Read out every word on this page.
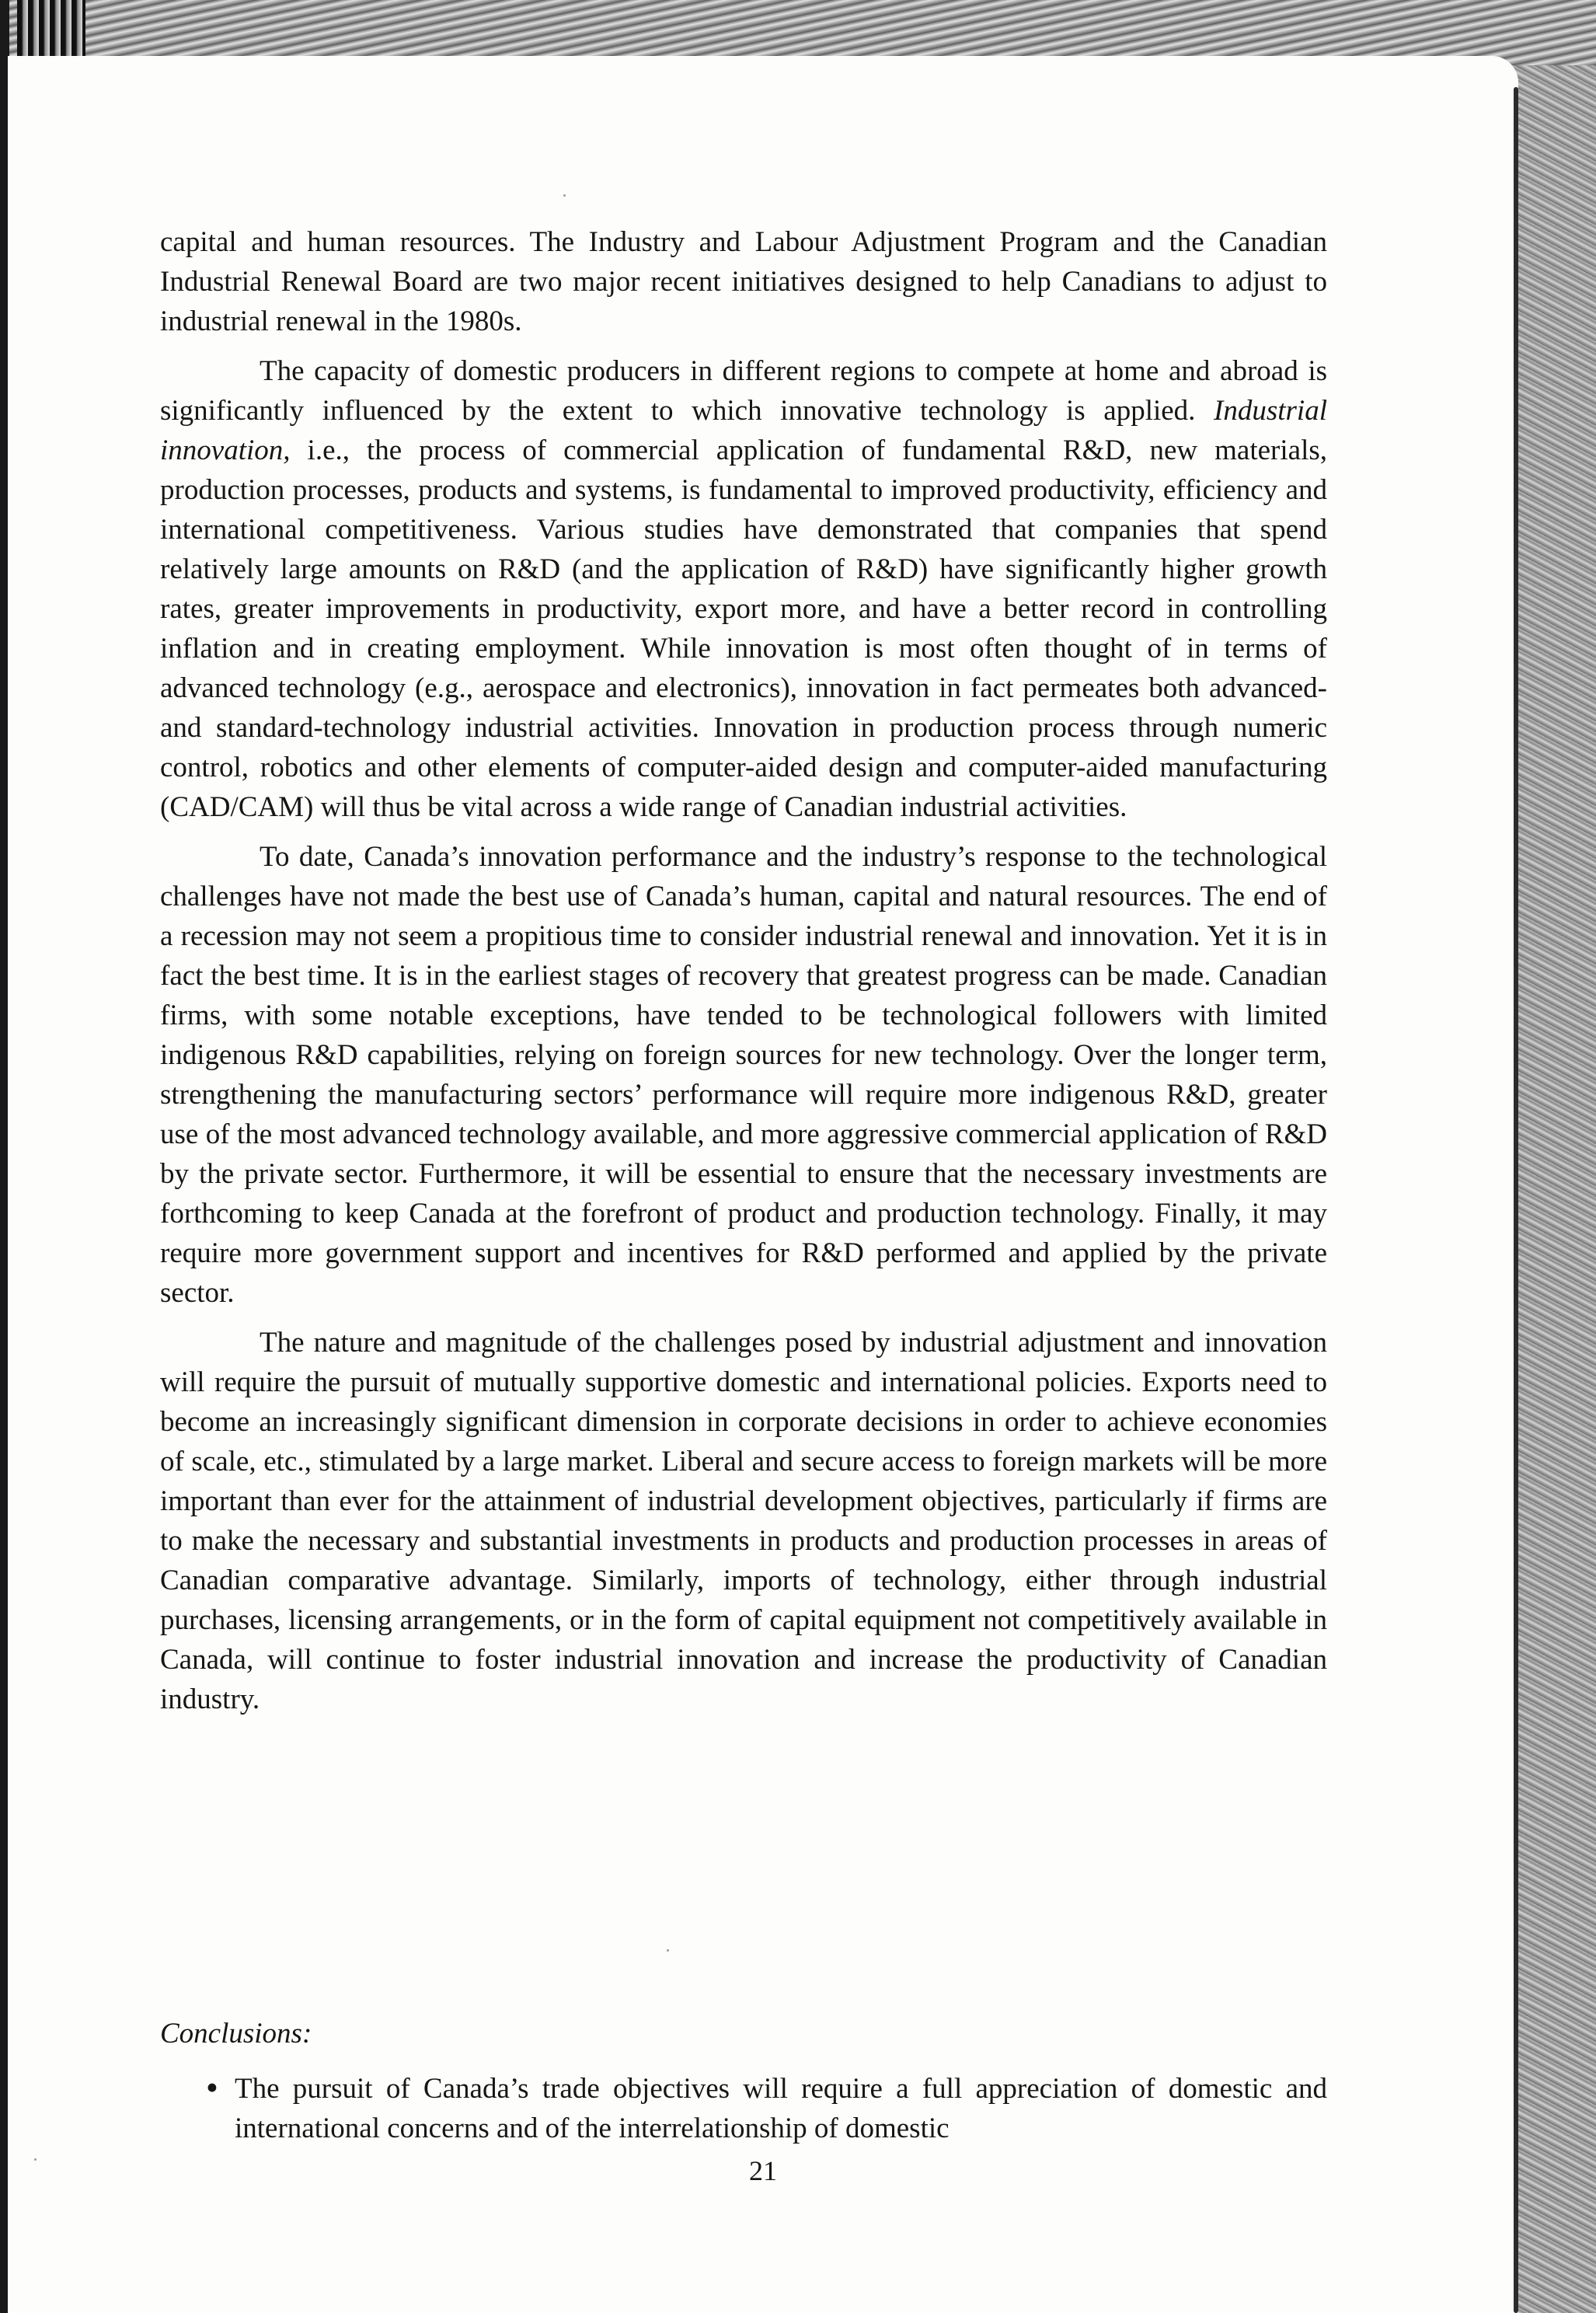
capital and human resources. The Industry and Labour Adjustment Program and the Canadian Industrial Renewal Board are two major recent initiatives designed to help Canadians to adjust to industrial renewal in the 1980s.

The capacity of domestic producers in different regions to compete at home and abroad is significantly influenced by the extent to which innovative technology is applied. Industrial innovation, i.e., the process of commercial application of fundamental R&D, new materials, production processes, products and systems, is fundamental to improved productivity, efficiency and international competitiveness. Various studies have demonstrated that companies that spend relatively large amounts on R&D (and the application of R&D) have significantly higher growth rates, greater improvements in productivity, export more, and have a better record in controlling inflation and in creating employment. While innovation is most often thought of in terms of advanced technology (e.g., aerospace and electronics), innovation in fact permeates both advanced- and standard-technology industrial activities. Innovation in production process through numeric control, robotics and other elements of computer-aided design and computer-aided manufacturing (CAD/CAM) will thus be vital across a wide range of Canadian industrial activities.

To date, Canada’s innovation performance and the industry’s response to the technological challenges have not made the best use of Canada’s human, capital and natural resources. The end of a recession may not seem a propitious time to consider industrial renewal and innovation. Yet it is in fact the best time. It is in the earliest stages of recovery that greatest progress can be made. Canadian firms, with some notable exceptions, have tended to be technological followers with limited indigenous R&D capabilities, relying on foreign sources for new technology. Over the longer term, strengthening the manufacturing sectors’ performance will require more indigenous R&D, greater use of the most advanced technology available, and more aggressive commercial application of R&D by the private sector. Furthermore, it will be essential to ensure that the necessary investments are forthcoming to keep Canada at the forefront of product and production technology. Finally, it may require more government support and incentives for R&D performed and applied by the private sector.

The nature and magnitude of the challenges posed by industrial adjustment and innovation will require the pursuit of mutually supportive domestic and international policies. Exports need to become an increasingly significant dimension in corporate decisions in order to achieve economies of scale, etc., stimulated by a large market. Liberal and secure access to foreign markets will be more important than ever for the attainment of industrial development objectives, particularly if firms are to make the necessary and substantial investments in products and production processes in areas of Canadian comparative advantage. Similarly, imports of technology, either through industrial purchases, licensing arrangements, or in the form of capital equipment not competitively available in Canada, will continue to foster industrial innovation and increase the productivity of Canadian industry.

Conclusions:
• The pursuit of Canada’s trade objectives will require a full appreciation of domestic and international concerns and of the interrelationship of domestic
21
